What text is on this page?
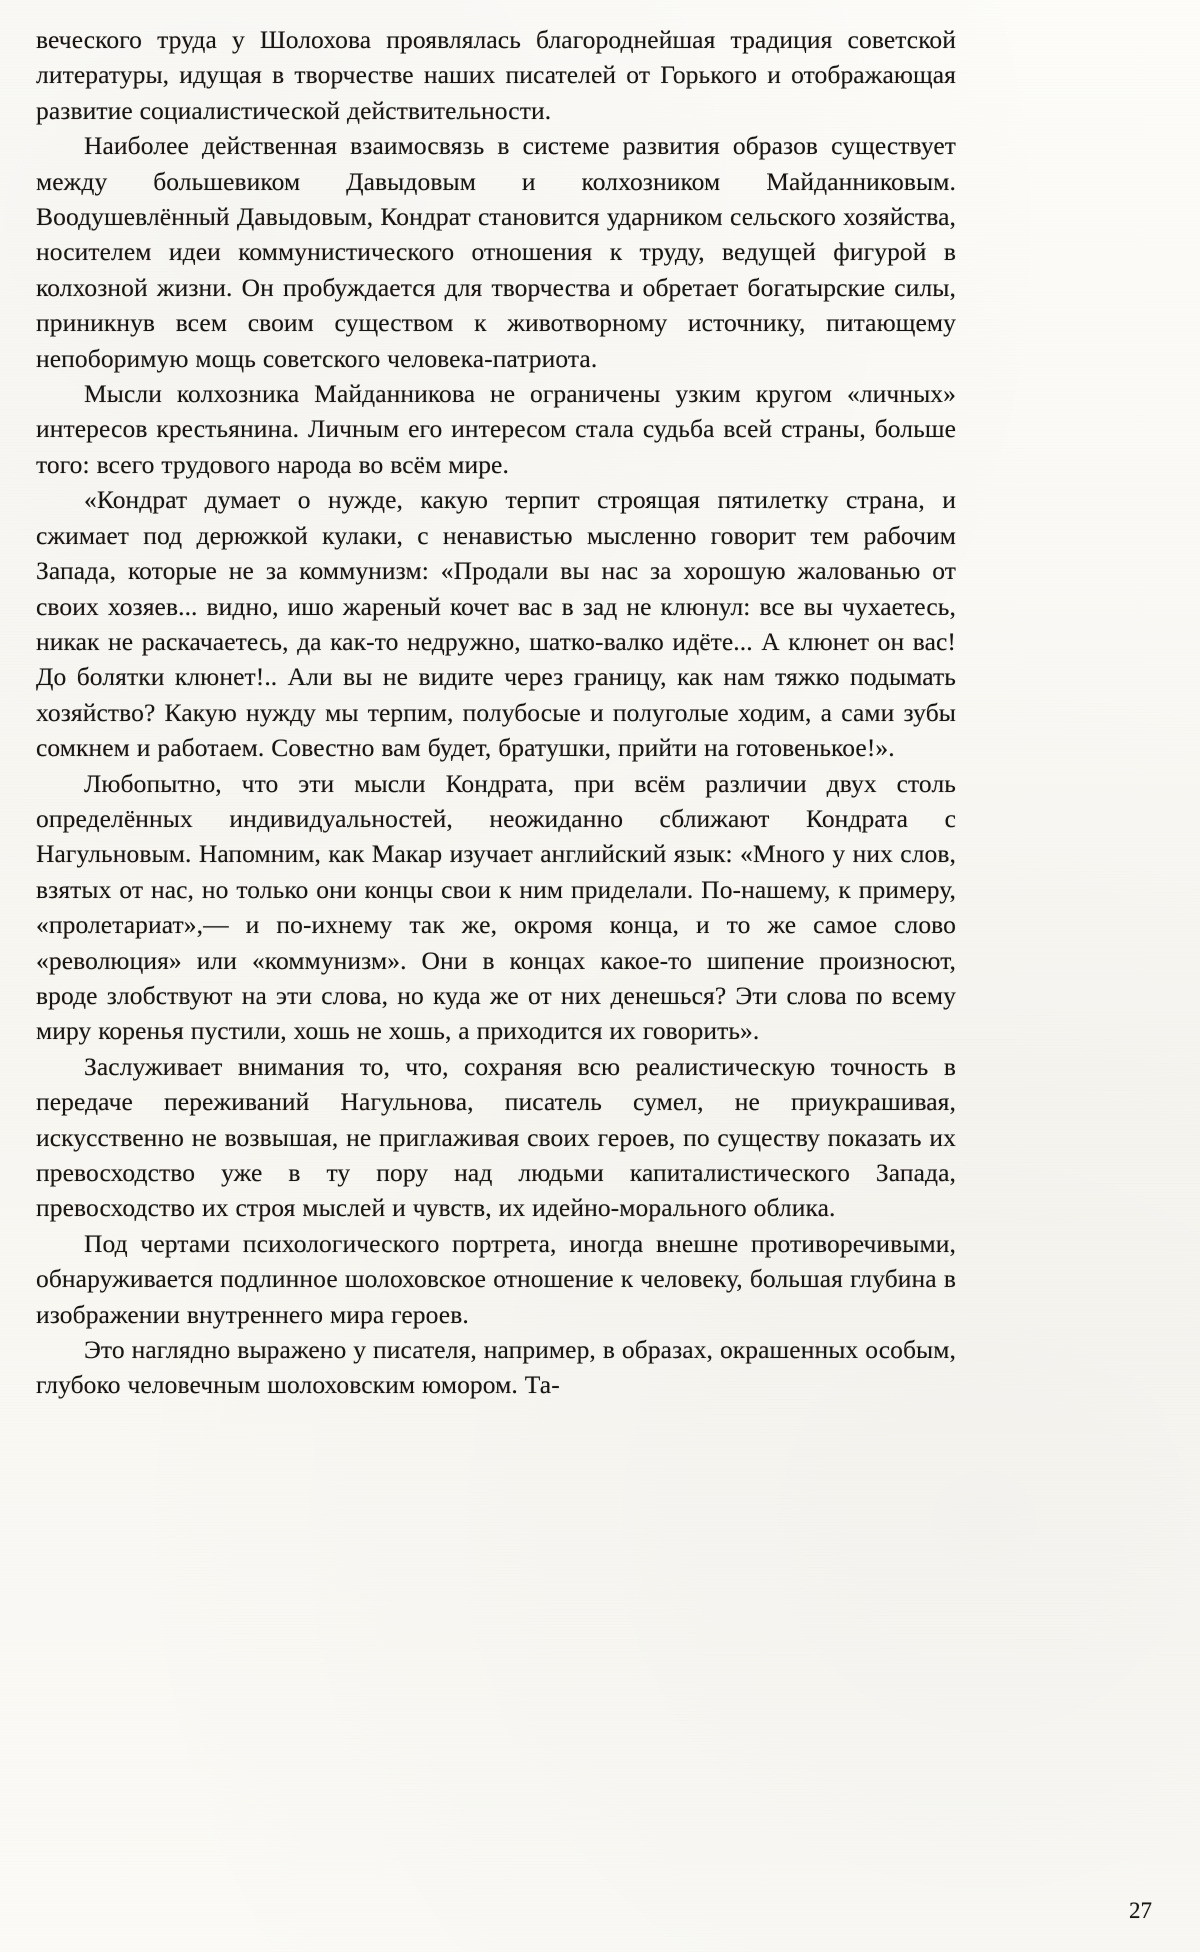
веческого труда у Шолохова проявлялась благороднейшая традиция советской литературы, идущая в творчестве наших писателей от Горького и отображающая развитие социалистической действительности.

Наиболее действенная взаимосвязь в системе развития образов существует между большевиком Давыдовым и колхозником Майданниковым. Воодушевлённый Давыдовым, Кондрат становится ударником сельского хозяйства, носителем идеи коммунистического отношения к труду, ведущей фигурой в колхозной жизни. Он пробуждается для творчества и обретает богатырские силы, приникнув всем своим существом к животворному источнику, питающему непоборимую мощь советского человека-патриота.

Мысли колхозника Майданникова не ограничены узким кругом «личных» интересов крестьянина. Личным его интересом стала судьба всей страны, больше того: всего трудового народа во всём мире.

«Кондрат думает о нужде, какую терпит строящая пятилетку страна, и сжимает под дерюжкой кулаки, с ненавистью мысленно говорит тем рабочим Запада, которые не за коммунизм: «Продали вы нас за хорошую жалованью от своих хозяев... видно, ишо жареный кочет вас в зад не клюнул: все вы чухаетесь, никак не раскачаетесь, да как-то недружно, шатко-валко идёте... А клюнет он вас! До болятки клюнет!.. Али вы не видите через границу, как нам тяжко подымать хозяйство? Какую нужду мы терпим, полубосые и полуголые ходим, а сами зубы сомкнем и работаем. Совестно вам будет, братушки, прийти на готовенькое!».

Любопытно, что эти мысли Кондрата, при всём различии двух столь определённых индивидуальностей, неожиданно сближают Кондрата с Нагульновым. Напомним, как Макар изучает английский язык: «Много у них слов, взятых от нас, но только они концы свои к ним приделали. По-нашему, к примеру, «пролетариат»,— и по-ихнему так же, окромя конца, и то же самое слово «революция» или «коммунизм». Они в концах какое-то шипение произносют, вроде злобствуют на эти слова, но куда же от них денешься? Эти слова по всему миру коренья пустили, хошь не хошь, а приходится их говорить».

Заслуживает внимания то, что, сохраняя всю реалистическую точность в передаче переживаний Нагульнова, писатель сумел, не приукрашивая, искусственно не возвышая, не приглаживая своих героев, по существу показать их превосходство уже в ту пору над людьми капиталистического Запада, превосходство их строя мыслей и чувств, их идейно-морального облика.

Под чертами психологического портрета, иногда внешне противоречивыми, обнаруживается подлинное шолоховское отношение к человеку, большая глубина в изображении внутреннего мира героев.

Это наглядно выражено у писателя, например, в образах, окрашенных особым, глубоко человечным шолоховским юмором. Та-

27
